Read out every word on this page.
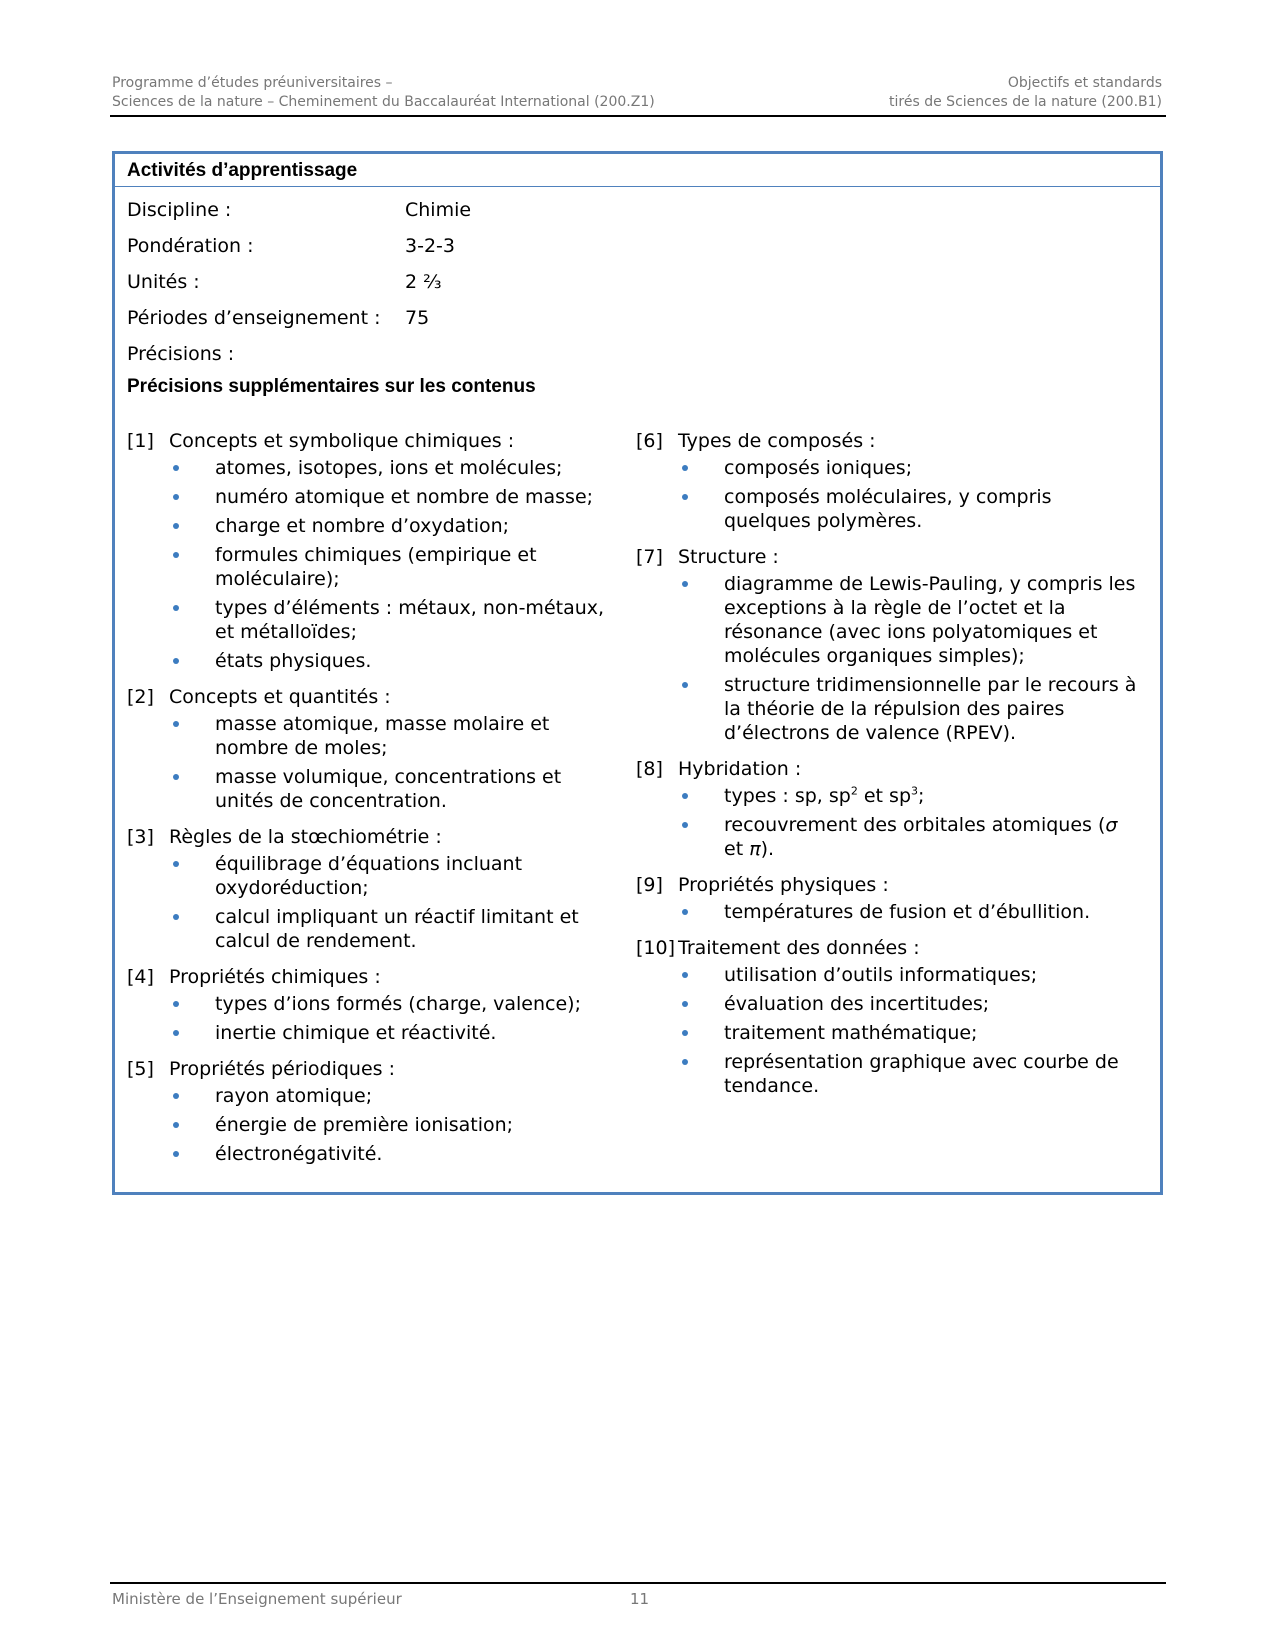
Programme d’études préuniversitaires –
Sciences de la nature – Cheminement du Baccalauréat International (200.Z1)
Objectifs et standards
tirés de Sciences de la nature (200.B1)
Activités d’apprentissage
Discipline :	Chimie
Pondération :	3-2-3
Unités :	2 ⅔
Périodes d’enseignement : 75
Précisions :
Précisions supplémentaires sur les contenus
[1] Concepts et symbolique chimiques :
atomes, isotopes, ions et molécules;
numéro atomique et nombre de masse;
charge et nombre d’oxydation;
formules chimiques (empirique et moléculaire);
types d’éléments : métaux, non-métaux, et métalloïdes;
états physiques.
[2] Concepts et quantités :
masse atomique, masse molaire et nombre de moles;
masse volumique, concentrations et unités de concentration.
[3] Règles de la stœchiométrie :
équilibrage d’équations incluant oxydoréduction;
calcul impliquant un réactif limitant et calcul de rendement.
[4] Propriétés chimiques :
types d’ions formés (charge, valence);
inertie chimique et réactivité.
[5] Propriétés périodiques :
rayon atomique;
énergie de première ionisation;
électronégativité.
[6] Types de composés :
composés ioniques;
composés moléculaires, y compris quelques polymères.
[7] Structure :
diagramme de Lewis-Pauling, y compris les exceptions à la règle de l’octet et la résonance (avec ions polyatomiques et molécules organiques simples);
structure tridimensionnelle par le recours à la théorie de la répulsion des paires d’électrons de valence (RPEV).
[8] Hybridation :
types : sp, $sp^2$ et $sp^3$;
recouvrement des orbitales atomiques (σ et π).
[9] Propriétés physiques :
températures de fusion et d’ébullition.
[10] Traitement des données :
utilisation d’outils informatiques;
évaluation des incertitudes;
traitement mathématique;
représentation graphique avec courbe de tendance.
Ministère de l’Enseignement supérieur	11
